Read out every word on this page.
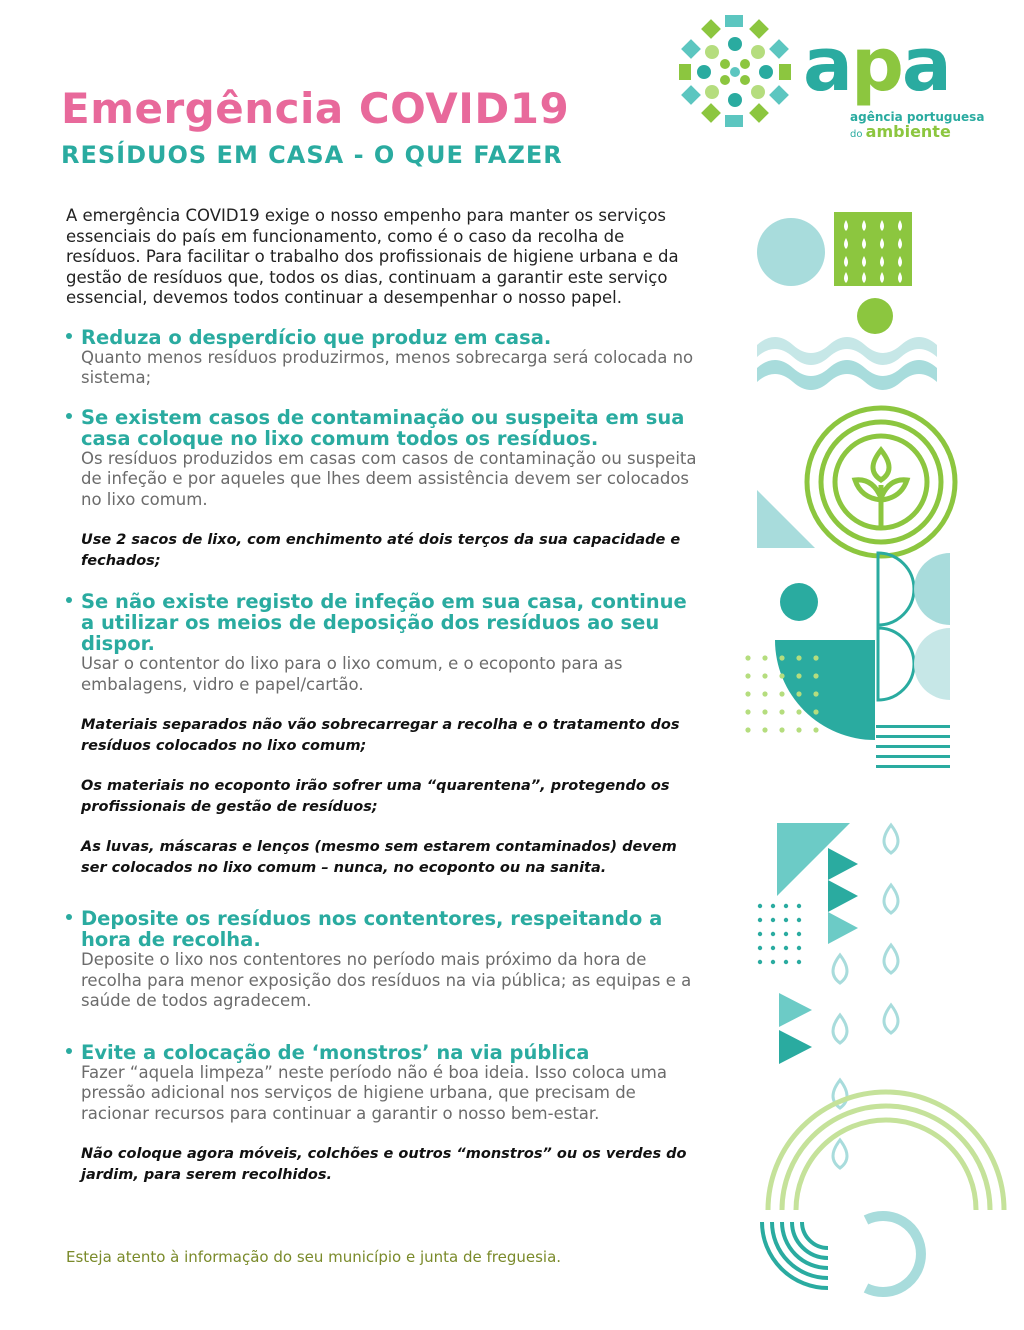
Emergência COVID19
RESÍDUOS EM CASA - O QUE FAZER
apa
agência portuguesa
do ambiente

A emergência COVID19 exige o nosso empenho para manter os serviços essenciais do país em funcionamento, como é o caso da recolha de resíduos. Para facilitar o trabalho dos profissionais de higiene urbana e da gestão de resíduos que, todos os dias, continuam a garantir este serviço essencial, devemos todos continuar a desempenhar o nosso papel.

Reduza o desperdício que produz em casa.

Quanto menos resíduos produzirmos, menos sobrecarga será colocada no sistema;

Se existem casos de contaminação ou suspeita em sua casa coloque no lixo comum todos os resíduos.

Os resíduos produzidos em casas com casos de contaminação ou suspeita de infeção e por aqueles que lhes deem assistência devem ser colocados no lixo comum.

Use 2 sacos de lixo, com enchimento até dois terços da sua capacidade e fechados;

Se não existe registo de infeção em sua casa, continue a utilizar os meios de deposição dos resíduos ao seu dispor.

Usar o contentor do lixo para o lixo comum, e o ecoponto para as embalagens, vidro e papel/cartão.

Materiais separados não vão sobrecarregar a recolha e o tratamento dos resíduos colocados no lixo comum;

Os materiais no ecoponto irão sofrer uma “quarentena”, protegendo os profissionais de gestão de resíduos;

As luvas, máscaras e lenços (mesmo sem estarem contaminados) devem ser colocados no lixo comum – nunca, no ecoponto ou na sanita.

Deposite os resíduos nos contentores, respeitando a hora de recolha.

Deposite o lixo nos contentores no período mais próximo da hora de recolha para menor exposição dos resíduos na via pública; as equipas e a saúde de todos agradecem.

Evite a colocação de ‘monstros’ na via pública

Fazer “aquela limpeza” neste período não é boa ideia. Isso coloca uma pressão adicional nos serviços de higiene urbana, que precisam de racionar recursos para continuar a garantir o nosso bem-estar.

Não coloque agora móveis, colchões e outros “monstros” ou os verdes do jardim, para serem recolhidos.

Esteja atento à informação do seu município e junta de freguesia.
